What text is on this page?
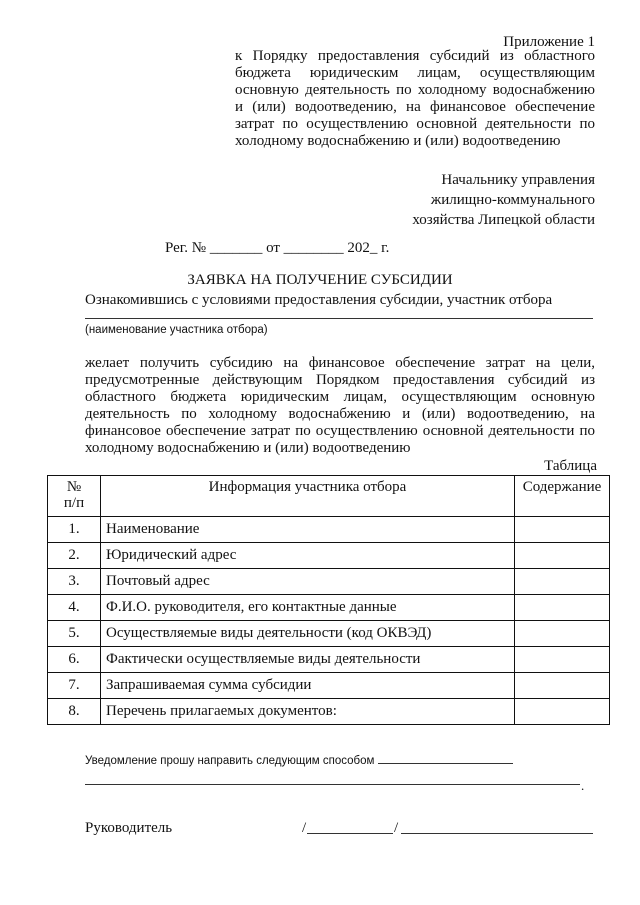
Приложение 1
к Порядку предоставления субсидий из областного
бюджета юридическим лицам, осуществляющим
основную деятельность по холодному водоснабжению
и (или) водоотведению, на финансовое обеспечение
затрат по осуществлению основной деятельности по
холодному водоснабжению и (или) водоотведению
Начальнику управления
жилищно-коммунального
хозяйства Липецкой области
Рег. № _______ от ________ 202_ г.
ЗАЯВКА НА ПОЛУЧЕНИЕ СУБСИДИИ
Ознакомившись с условиями предоставления субсидии, участник отбора
(наименование участника отбора)
желает получить субсидию на финансовое обеспечение затрат на цели,
предусмотренные действующим Порядком предоставления субсидий из
областного бюджета юридическим лицам, осуществляющим основную
деятельность по холодному водоснабжению и (или) водоотведению, на
финансовое обеспечение затрат по осуществлению основной деятельности по
холодному водоснабжению и (или) водоотведению
Таблица
№
п/п	Информация участника отбора	Содержание
1.	Наименование	
2.	Юридический адрес	
3.	Почтовый адрес	
4.	Ф.И.О. руководителя, его контактные данные	
5.	Осуществляемые виды деятельности (код ОКВЭД)	
6.	Фактически осуществляемые виды деятельности	
7.	Запрашиваемая сумма субсидии	
8.	Перечень прилагаемых документов:	
Уведомление прошу направить следующим способом
.
Руководитель	/	/
